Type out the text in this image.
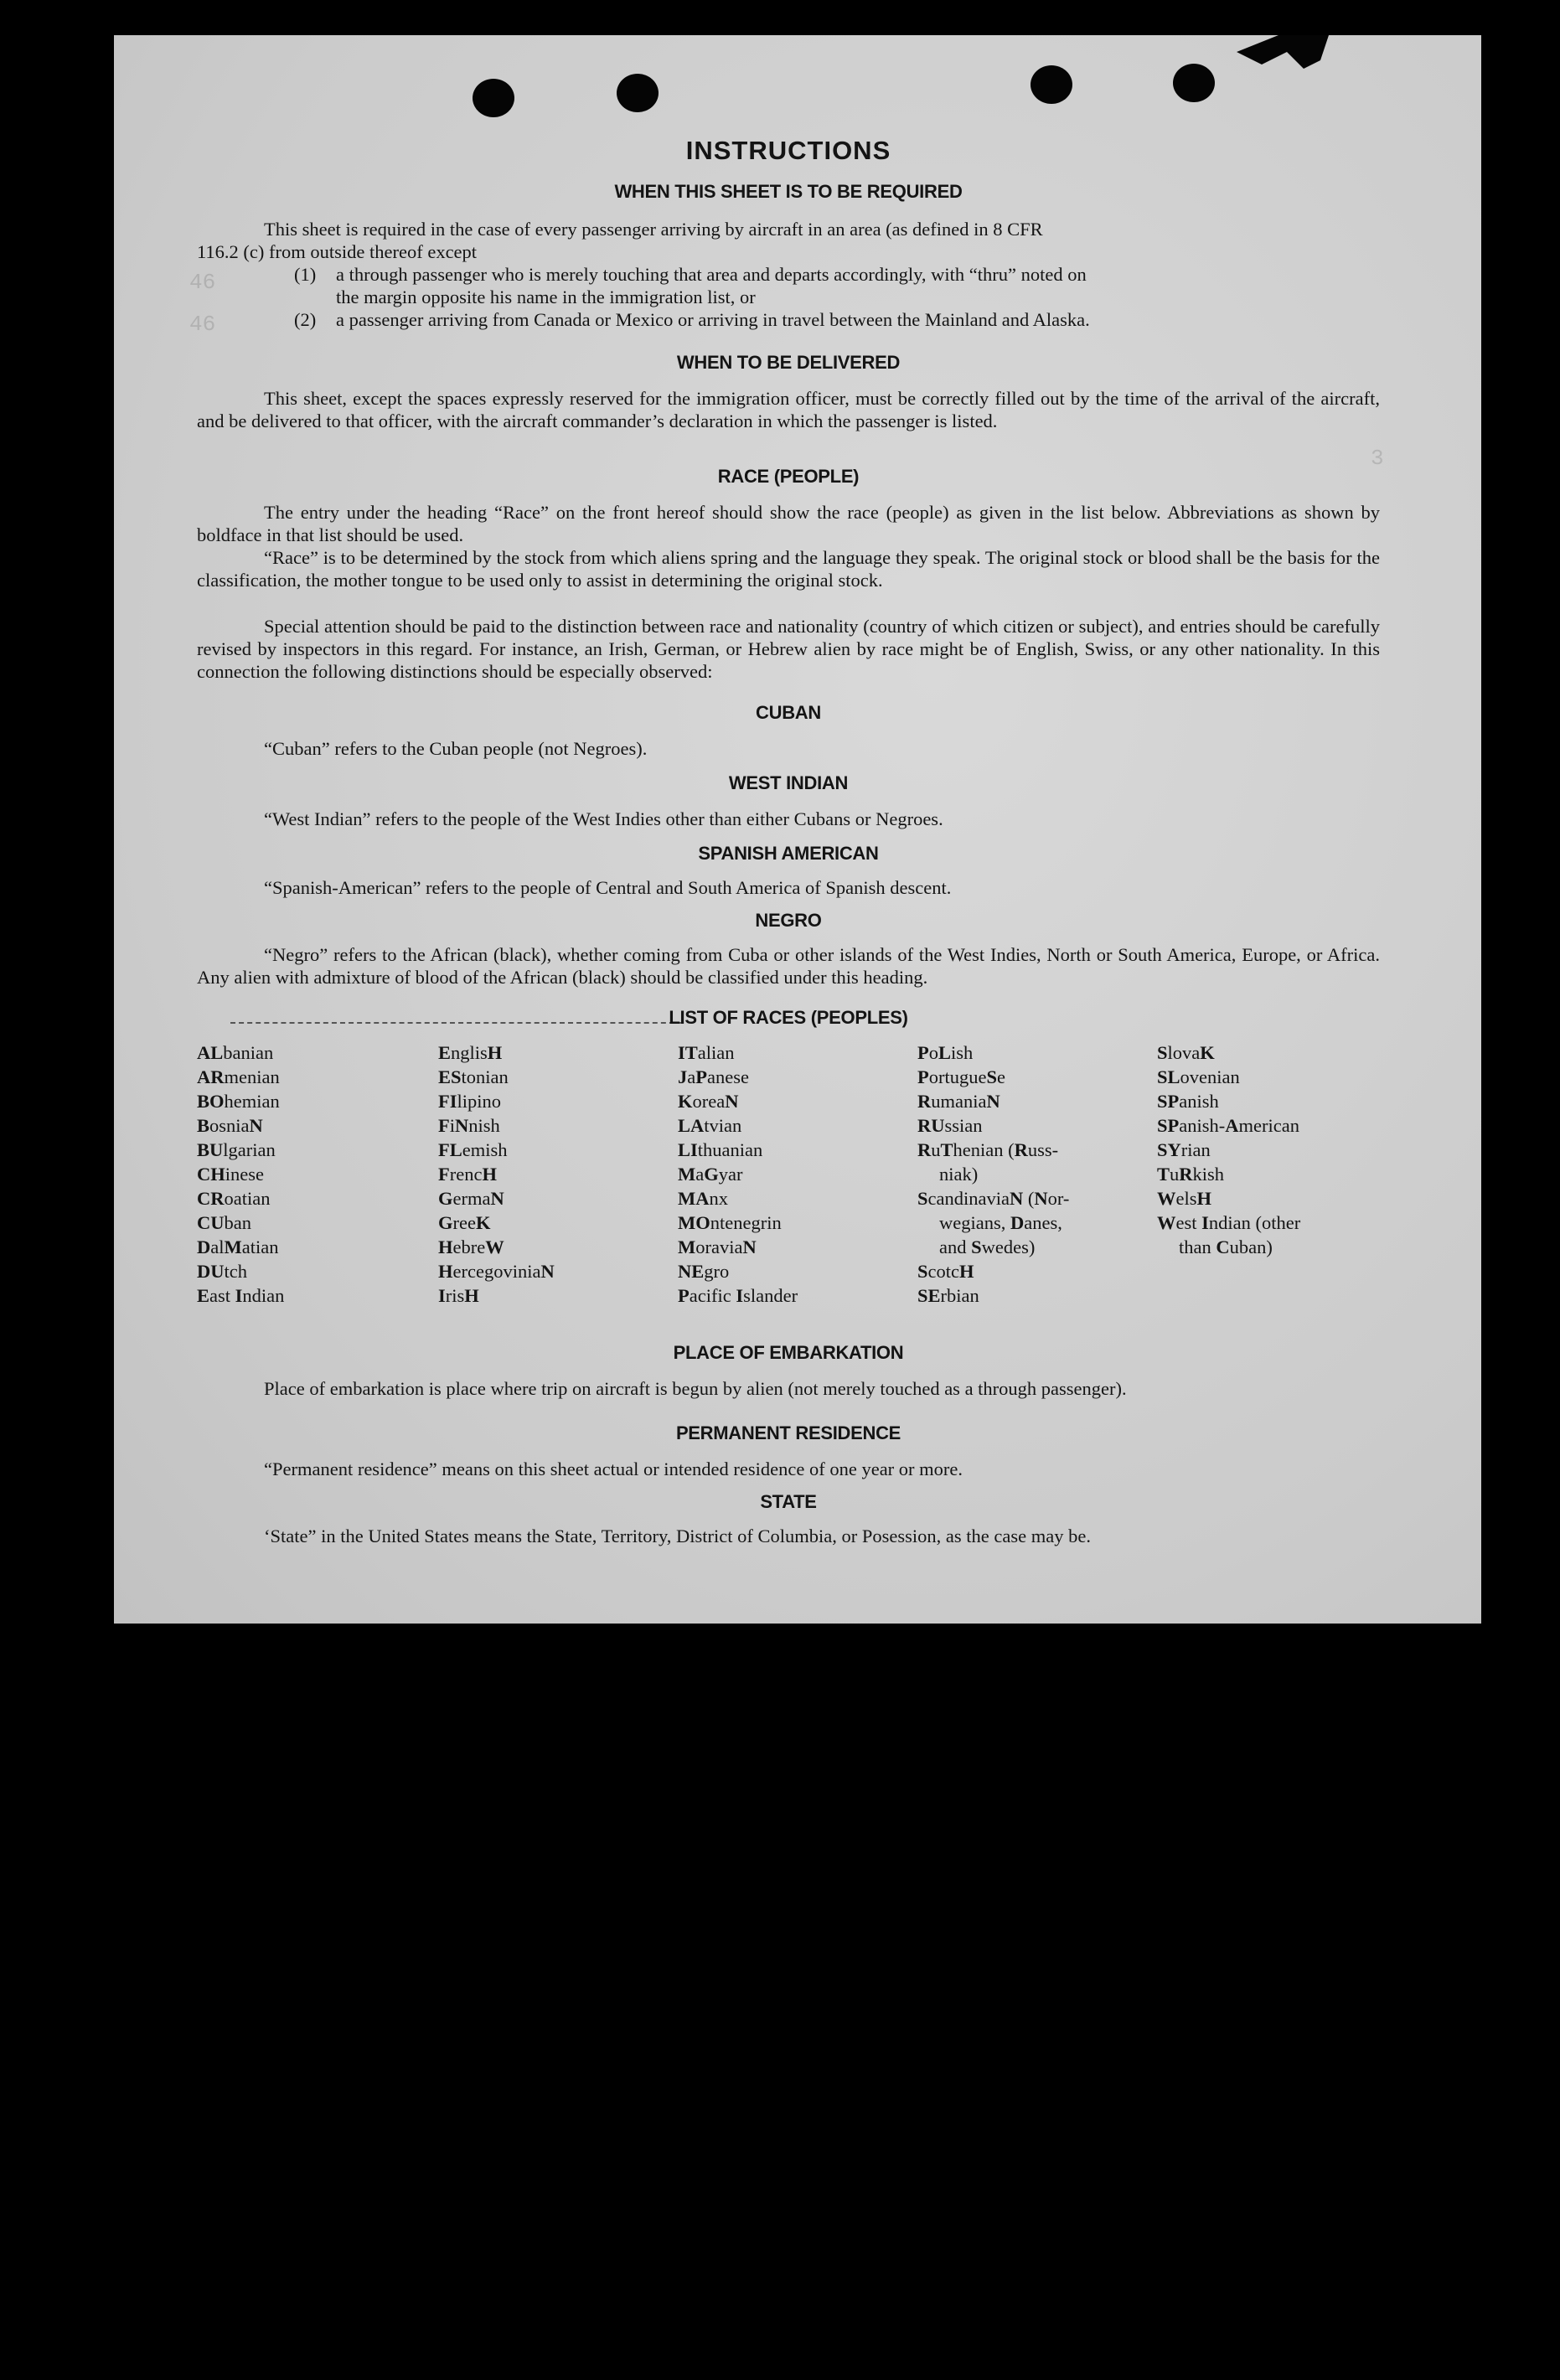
46
46
3
INSTRUCTIONS
WHEN THIS SHEET IS TO BE REQUIRED
This sheet is required in the case of every passenger arriving by aircraft in an area (as defined in 8 CFR
116.2 (c) from outside thereof except
(1) a through passenger who is merely touching that area and departs accordingly, with “thru” noted on
the margin opposite his name in the immigration list, or
(2) a passenger arriving from Canada or Mexico or arriving in travel between the Mainland and Alaska.
WHEN TO BE DELIVERED
This sheet, except the spaces expressly reserved for the immigration officer, must be correctly filled out by the time of the arrival of the aircraft, and be delivered to that officer, with the aircraft commander’s declaration in which the passenger is listed.
RACE (PEOPLE)
The entry under the heading “Race” on the front hereof should show the race (people) as given in the list below. Abbreviations as shown by boldface in that list should be used.
“Race” is to be determined by the stock from which aliens spring and the language they speak. The original stock or blood shall be the basis for the classification, the mother tongue to be used only to assist in determining the original stock.
Special attention should be paid to the distinction between race and nationality (country of which citizen or subject), and entries should be carefully revised by inspectors in this regard. For instance, an Irish, German, or Hebrew alien by race might be of English, Swiss, or any other nationality. In this connection the following distinctions should be especially observed:
CUBAN
“Cuban” refers to the Cuban people (not Negroes).
WEST INDIAN
“West Indian” refers to the people of the West Indies other than either Cubans or Negroes.
SPANISH AMERICAN
“Spanish-American” refers to the people of Central and South America of Spanish descent.
NEGRO
“Negro” refers to the African (black), whether coming from Cuba or other islands of the West Indies, North or South America, Europe, or Africa. Any alien with admixture of blood of the African (black) should be classified under this heading.
LIST OF RACES (PEOPLES)
ALbanian
ARmenian
BOhemian
BosniaN
BUlgarian
CHinese
CRoatian
CUban
DalMatian
DUtch
East Indian
EnglisH
EStonian
FIlipino
FiNnish
FLemish
FrencH
GermaN
GreeK
HebreW
HercegoviniaN
IrisH
ITalian
JaPanese
KoreaN
LAtvian
LIthuanian
MaGyar
MAnx
MOntenegrin
MoraviaN
NEgro
Pacific Islander
PoLish
PortugueSe
RumaniaN
RUssian
RuThenian (Russ-
niak)
ScandinaviaN (Nor-
wegians, Danes,
and Swedes)
ScotcH
SErbian
SlovaK
SLovenian
SPanish
SPanish-American
SYrian
TuRkish
WelsH
West Indian (other
than Cuban)
PLACE OF EMBARKATION
Place of embarkation is place where trip on aircraft is begun by alien (not merely touched as a through passenger).
PERMANENT RESIDENCE
“Permanent residence” means on this sheet actual or intended residence of one year or more.
STATE
‘State” in the United States means the State, Territory, District of Columbia, or Posession, as the case may be.
